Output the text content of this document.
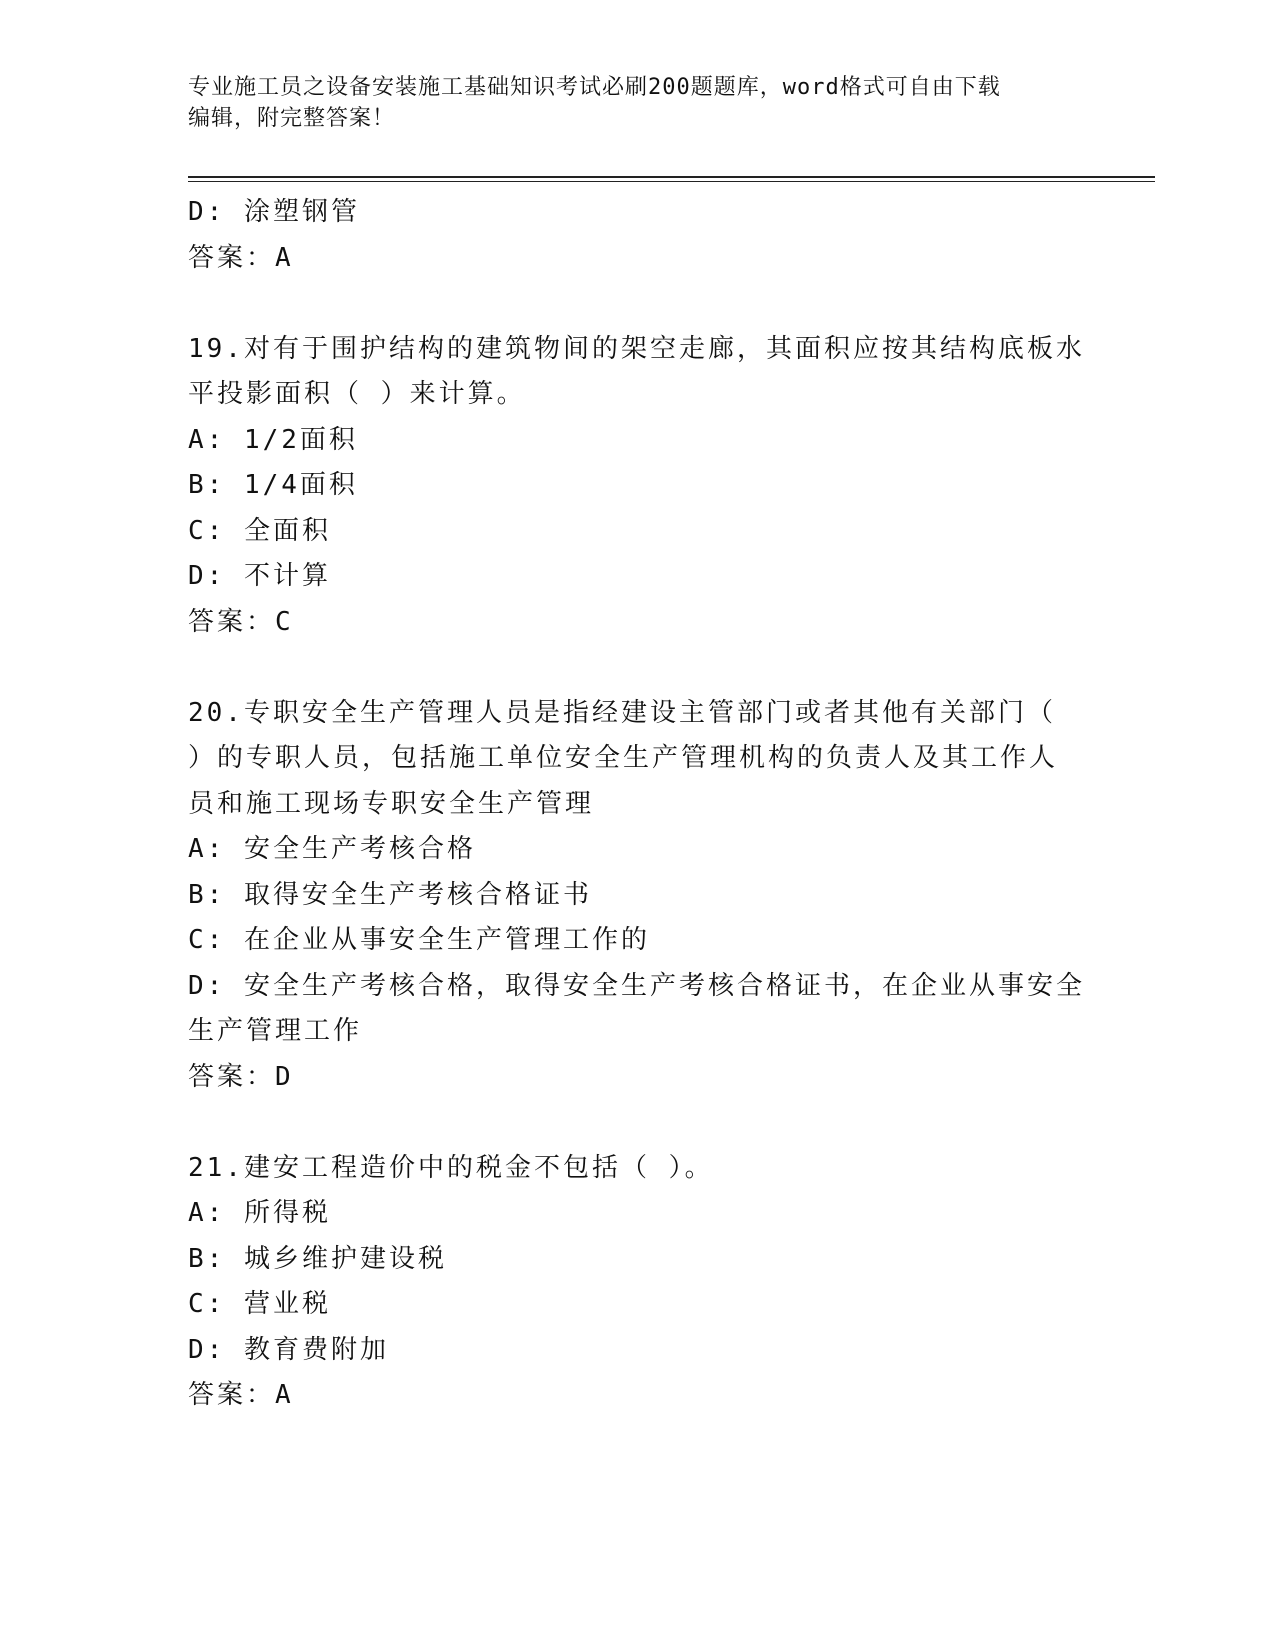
专业施工员之设备安装施工基础知识考试必刷200题题库，word格式可自由下载
编辑，附完整答案！
D: 涂塑钢管
答案：A
19.对有于围护结构的建筑物间的架空走廊，其面积应按其结构底板水
平投影面积（ ）来计算。
A: 1/2面积
B: 1/4面积
C: 全面积
D: 不计算
答案：C
20.专职安全生产管理人员是指经建设主管部门或者其他有关部门（
）的专职人员，包括施工单位安全生产管理机构的负责人及其工作人
员和施工现场专职安全生产管理
A: 安全生产考核合格
B: 取得安全生产考核合格证书
C: 在企业从事安全生产管理工作的
D: 安全生产考核合格，取得安全生产考核合格证书，在企业从事安全
生产管理工作
答案：D
21.建安工程造价中的税金不包括（ ）。
A: 所得税
B: 城乡维护建设税
C: 营业税
D: 教育费附加
答案：A
